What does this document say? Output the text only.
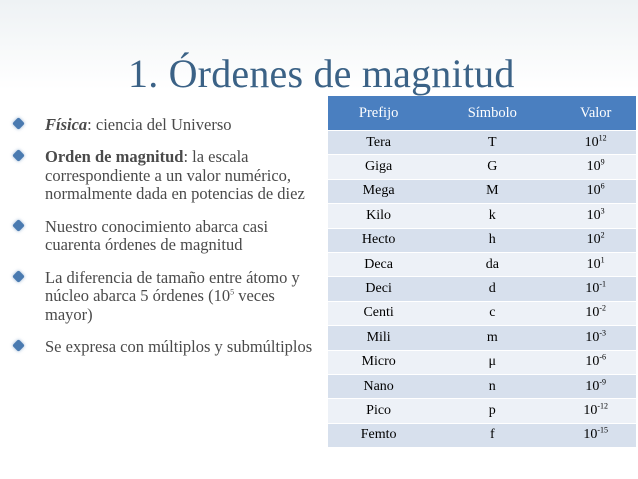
1. Órdenes de magnitud
Física: ciencia del Universo
Orden de magnitud: la escala correspondiente a un valor numérico, normalmente dada en potencias de diez
Nuestro conocimiento abarca casi cuarenta órdenes de magnitud
La diferencia de tamaño entre átomo y núcleo abarca 5 órdenes ($10^5$ veces mayor)
Se expresa con múltiplos y submúltiplos
Prefijo	Símbolo	Valor
Tera	T	$10^{12}$
Giga	G	$10^9$
Mega	M	$10^6$
Kilo	k	$10^3$
Hecto	h	$10^2$
Deca	da	$10^1$
Deci	d	$10^{-1}$
Centi	c	$10^{-2}$
Mili	m	$10^{-3}$
Micro	μ	$10^{-6}$
Nano	n	$10^{-9}$
Pico	p	$10^{-12}$
Femto	f	$10^{-15}$
